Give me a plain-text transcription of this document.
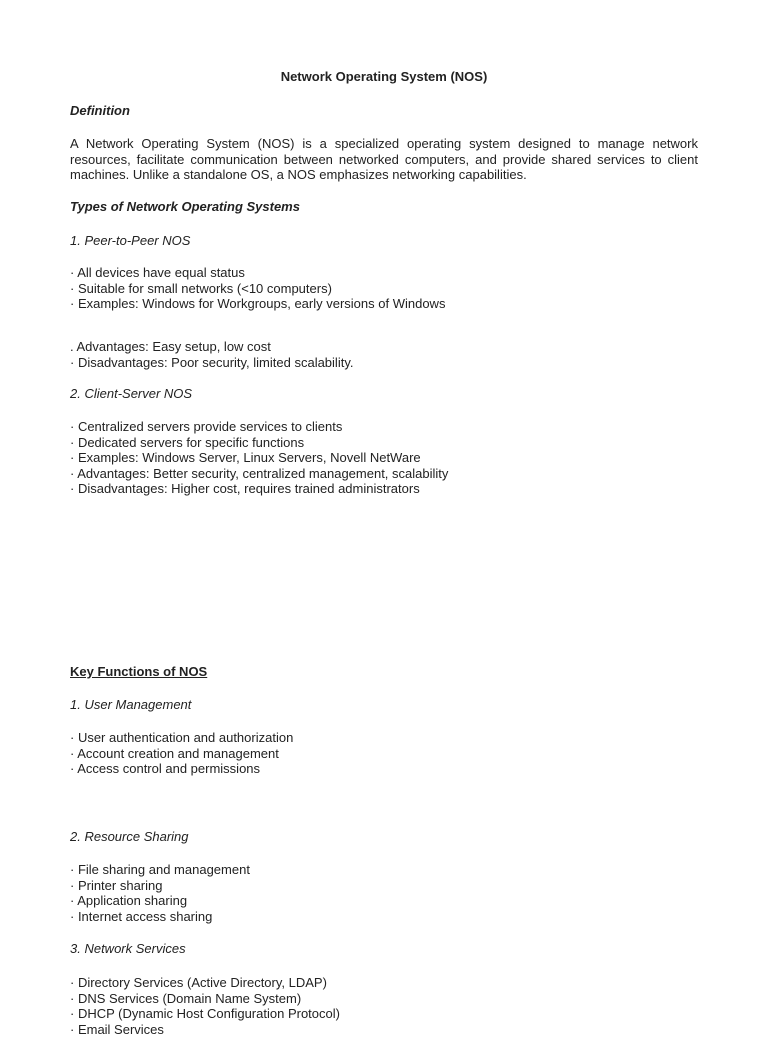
Network Operating System (NOS)

Definition

A Network Operating System (NOS) is a specialized operating system designed to manage network resources, facilitate communication between networked computers, and provide shared services to client machines. Unlike a standalone OS, a NOS emphasizes networking capabilities.

Types of Network Operating Systems

1. Peer-to-Peer NOS

· All devices have equal status
· Suitable for small networks (<10 computers)
· Examples: Windows for Workgroups, early versions of Windows
. Advantages: Easy setup, low cost
· Disadvantages: Poor security, limited scalability.

2. Client-Server NOS

· Centralized servers provide services to clients
· Dedicated servers for specific functions
· Examples: Windows Server, Linux Servers, Novell NetWare
· Advantages: Better security, centralized management, scalability
· Disadvantages: Higher cost, requires trained administrators

Key Functions of NOS

1. User Management

· User authentication and authorization
· Account creation and management
· Access control and permissions

2. Resource Sharing

· File sharing and management
· Printer sharing
· Application sharing
· Internet access sharing

3. Network Services

· Directory Services (Active Directory, LDAP)
· DNS Services (Domain Name System)
· DHCP (Dynamic Host Configuration Protocol)
· Email Services
